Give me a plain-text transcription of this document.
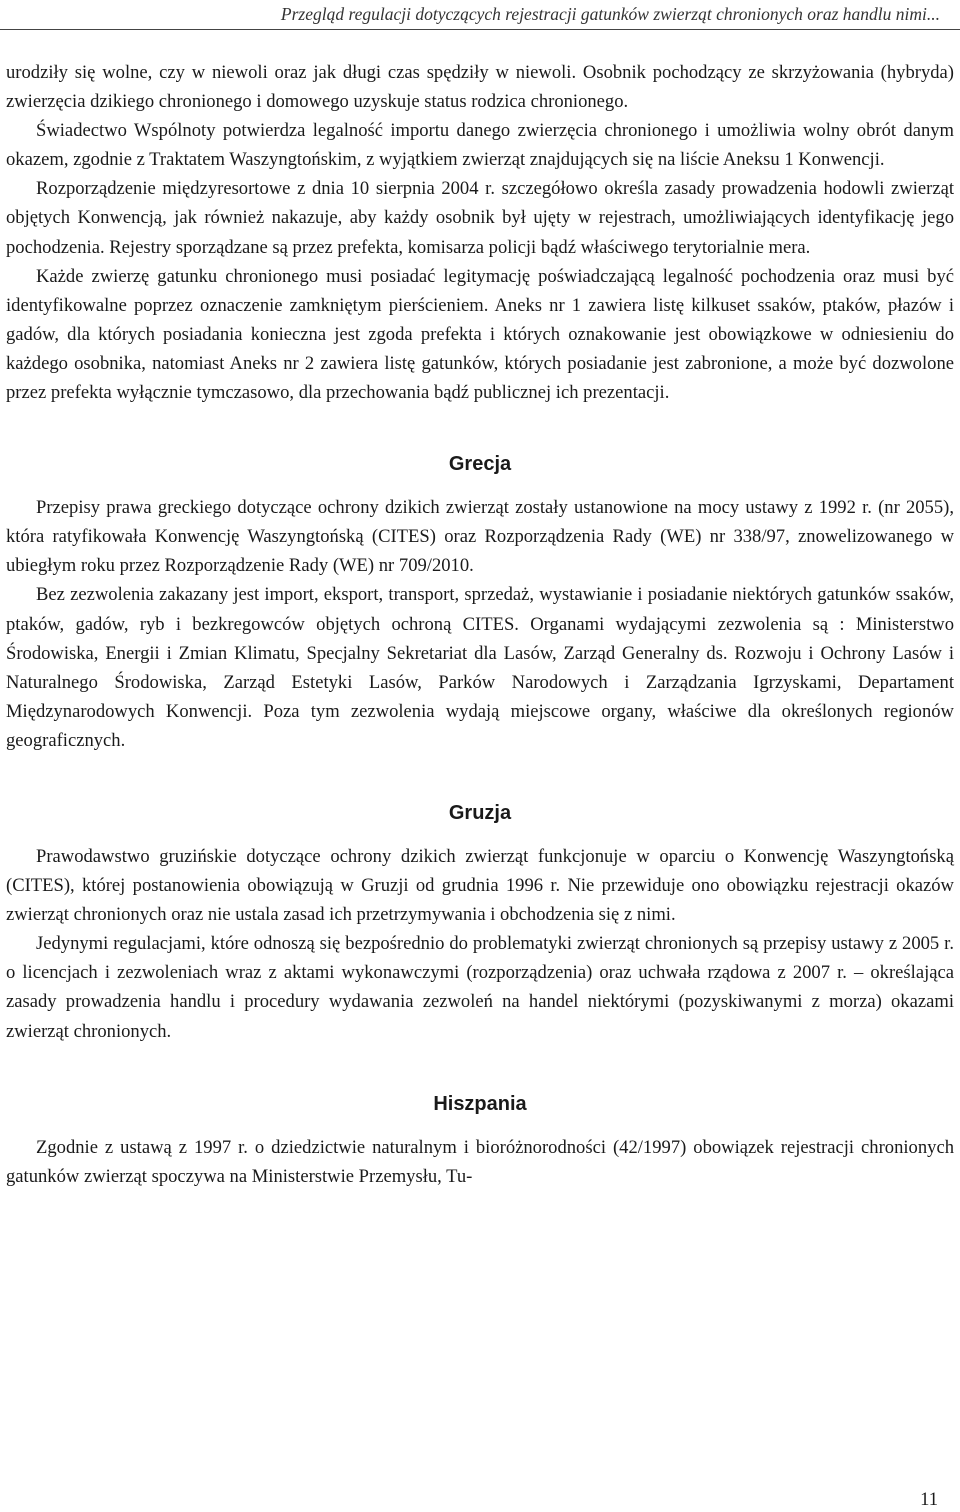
Przegląd regulacji dotyczących rejestracji gatunków zwierząt chronionych oraz handlu nimi...

urodziły się wolne, czy w niewoli oraz jak długi czas spędziły w niewoli. Osobnik pochodzący ze skrzyżowania (hybryda) zwierzęcia dzikiego chronionego i domowego uzyskuje status rodzica chronionego.

Świadectwo Wspólnoty potwierdza legalność importu danego zwierzęcia chronionego i umożliwia wolny obrót danym okazem, zgodnie z Traktatem Waszyngtońskim, z wyjątkiem zwierząt znajdujących się na liście Aneksu 1 Konwencji.

Rozporządzenie międzyresortowe z dnia 10 sierpnia 2004 r. szczegółowo określa zasady prowadzenia hodowli zwierząt objętych Konwencją, jak również nakazuje, aby każdy osobnik był ujęty w rejestrach, umożliwiających identyfikację jego pochodzenia. Rejestry sporządzane są przez prefekta, komisarza policji bądź właściwego terytorialnie mera.

Każde zwierzę gatunku chronionego musi posiadać legitymację poświadczającą legalność pochodzenia oraz musi być identyfikowalne poprzez oznaczenie zamkniętym pierścieniem. Aneks nr 1 zawiera listę kilkuset ssaków, ptaków, płazów i gadów, dla których posiadania konieczna jest zgoda prefekta i których oznakowanie jest obowiązkowe w odniesieniu do każdego osobnika, natomiast Aneks nr 2 zawiera listę gatunków, których posiadanie jest zabronione, a może być dozwolone przez prefekta wyłącznie tymczasowo, dla przechowania bądź publicznej ich prezentacji.

Grecja

Przepisy prawa greckiego dotyczące ochrony dzikich zwierząt zostały ustanowione na mocy ustawy z 1992 r. (nr 2055), która ratyfikowała Konwencję Waszyngtońską (CITES) oraz Rozporządzenia Rady (WE) nr 338/97, znowelizowanego w ubiegłym roku przez Rozporządzenie Rady (WE) nr 709/2010.

Bez zezwolenia zakazany jest import, eksport, transport, sprzedaż, wystawianie i posiadanie niektórych gatunków ssaków, ptaków, gadów, ryb i bezkregowców objętych ochroną CITES. Organami wydającymi zezwolenia są : Ministerstwo Środowiska, Energii i Zmian Klimatu, Specjalny Sekretariat dla Lasów, Zarząd Generalny ds. Rozwoju i Ochrony Lasów i Naturalnego Środowiska, Zarząd Estetyki Lasów, Parków Narodowych i Zarządzania Igrzyskami, Departament Międzynarodowych Konwencji. Poza tym zezwolenia wydają miejscowe organy, właściwe dla określonych regionów geograficznych.

Gruzja

Prawodawstwo gruzińskie dotyczące ochrony dzikich zwierząt funkcjonuje w oparciu o Konwencję Waszyngtońską (CITES), której postanowienia obowiązują w Gruzji od grudnia 1996 r. Nie przewiduje ono obowiązku rejestracji okazów zwierząt chronionych oraz nie ustala zasad ich przetrzymywania i obchodzenia się z nimi.

Jedynymi regulacjami, które odnoszą się bezpośrednio do problematyki zwierząt chronionych są przepisy ustawy z 2005 r. o licencjach i zezwoleniach wraz z aktami wykonawczymi (rozporządzenia) oraz uchwała rządowa z 2007 r. – określająca zasady prowadzenia handlu i procedury wydawania zezwoleń na handel niektórymi (pozyskiwanymi z morza) okazami zwierząt chronionych.

Hiszpania

Zgodnie z ustawą z 1997 r. o dziedzictwie naturalnym i bioróżnorodności (42/1997) obowiązek rejestracji chronionych gatunków zwierząt spoczywa na Ministerstwie Przemysłu, Tu-

11
